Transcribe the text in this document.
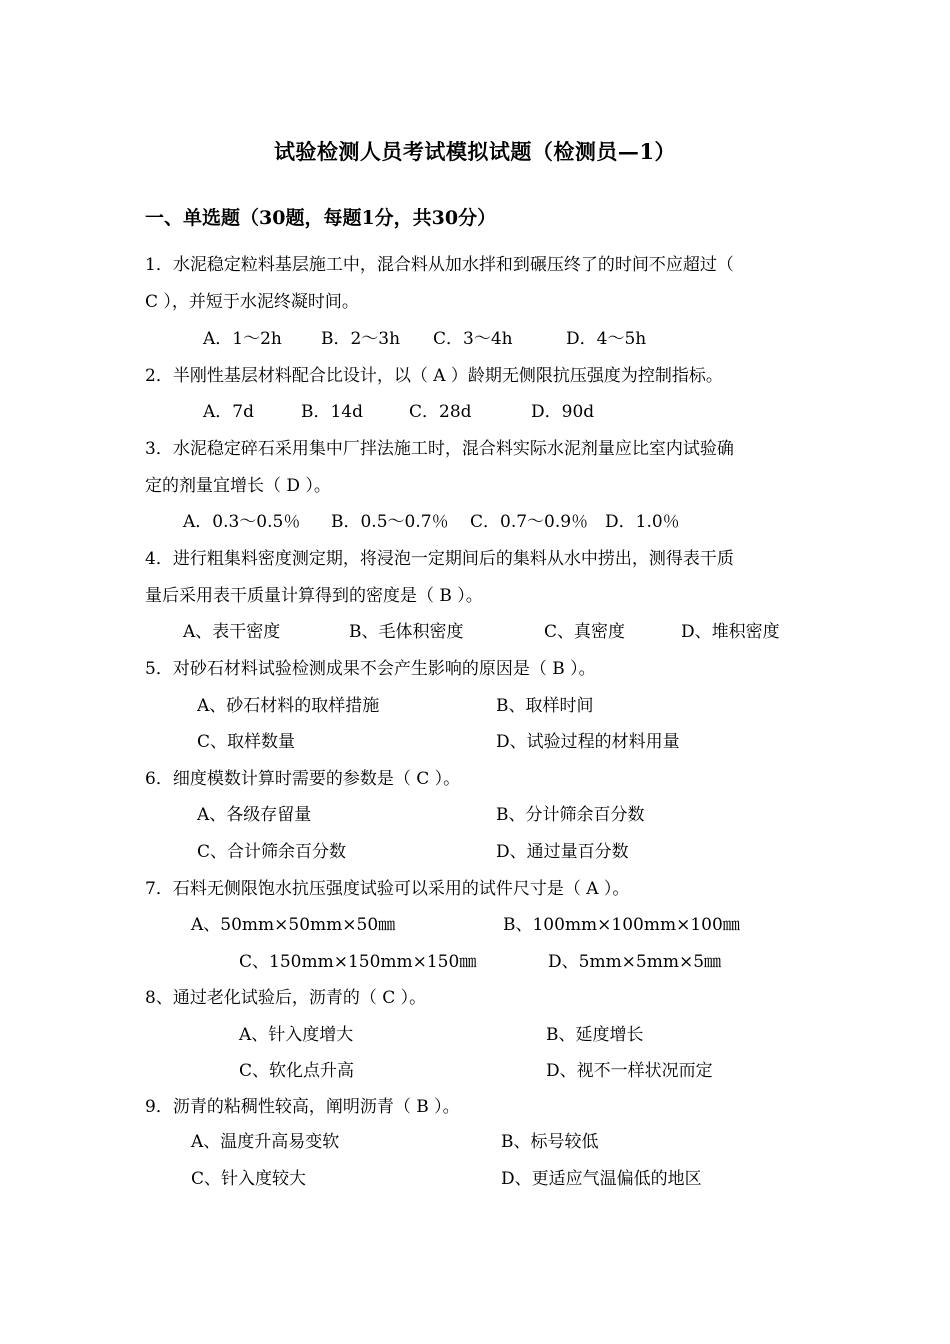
试验检测人员考试模拟试题（检测员—1）
一、单选题（30题，每题1分，共30分）
1．水泥稳定粒料基层施工中，混合料从加水拌和到碾压终了的时间不应超过（
C ），并短于水泥终凝时间。
A．1～2h B．2～3h C．3～4h	D．4～5h
2．半刚性基层材料配合比设计，以（ A ）龄期无侧限抗压强度为控制指标。
A．7d	B．14d	C．28d	D．90d
3．水泥稳定碎石采用集中厂拌法施工时，混合料实际水泥剂量应比室内试验确
定的剂量宜增长（ D ）。
A．0.3～0.5％ B．0.5～0.7％ C．0.7～0.9％ D．1.0％
4．进行粗集料密度测定期，将浸泡一定期间后的集料从水中捞出，测得表干质
量后采用表干质量计算得到的密度是（ B ）。
A、表干密度	B、毛体积密度	C、真密度	D、堆积密度
5．对砂石材料试验检测成果不会产生影响的原因是（ B ）。
A、砂石材料的取样措施	B、取样时间
C、取样数量	D、试验过程的材料用量
6．细度模数计算时需要的参数是（ C ）。
A、各级存留量	B、分计筛余百分数
C、合计筛余百分数	D、通过量百分数
7．石料无侧限饱水抗压强度试验可以采用的试件尺寸是（ A ）。
A、50mm×50mm×50㎜	B、100mm×100mm×100㎜
C、150mm×150mm×150㎜	D、5mm×5mm×5㎜
8、通过老化试验后，沥青的（ C ）。
A、针入度增大	B、延度增长
C、软化点升高	D、视不一样状况而定
9．沥青的粘稠性较高，阐明沥青（ B ）。
A、温度升高易变软	B、标号较低
C、针入度较大	D、更适应气温偏低的地区
